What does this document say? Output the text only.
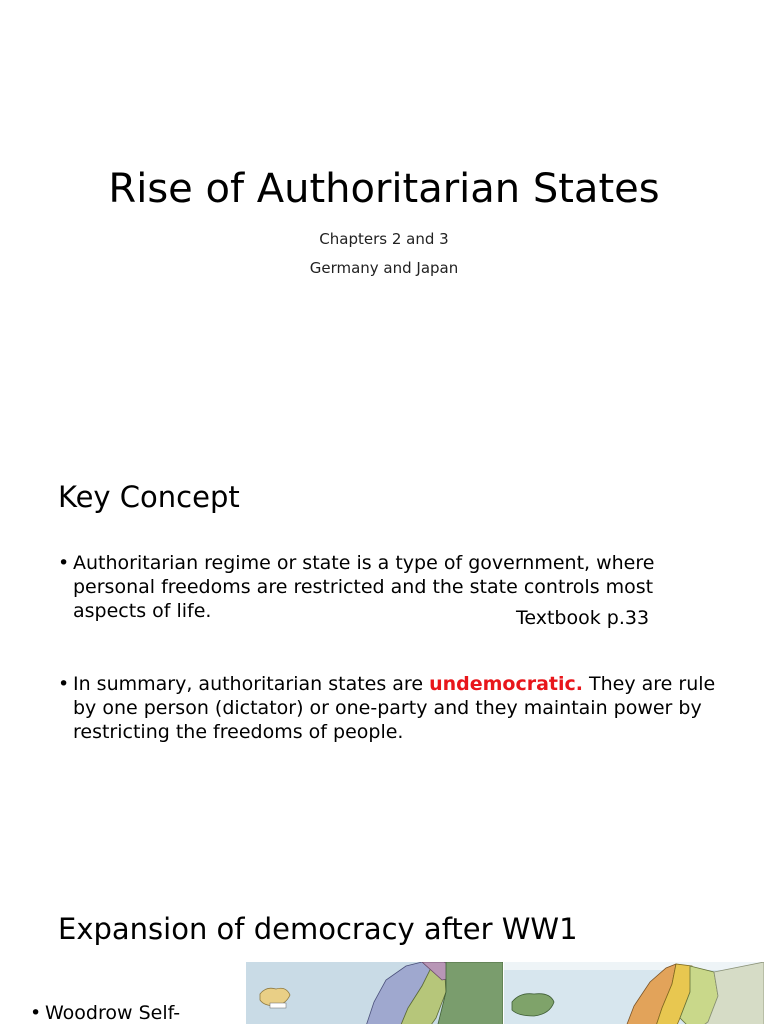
Rise of Authoritarian States
Chapters 2 and 3
Germany and Japan
Key Concept
• Authoritarian regime or state is a type of government, where personal freedoms are restricted and the state controls most aspects of life.	Textbook p.33
• In summary, authoritarian states are undemocratic. They are rule by one person (dictator) or one-party and they maintain power by restricting the freedoms of people.
Expansion of democracy after WW1
• Woodrow Self-
